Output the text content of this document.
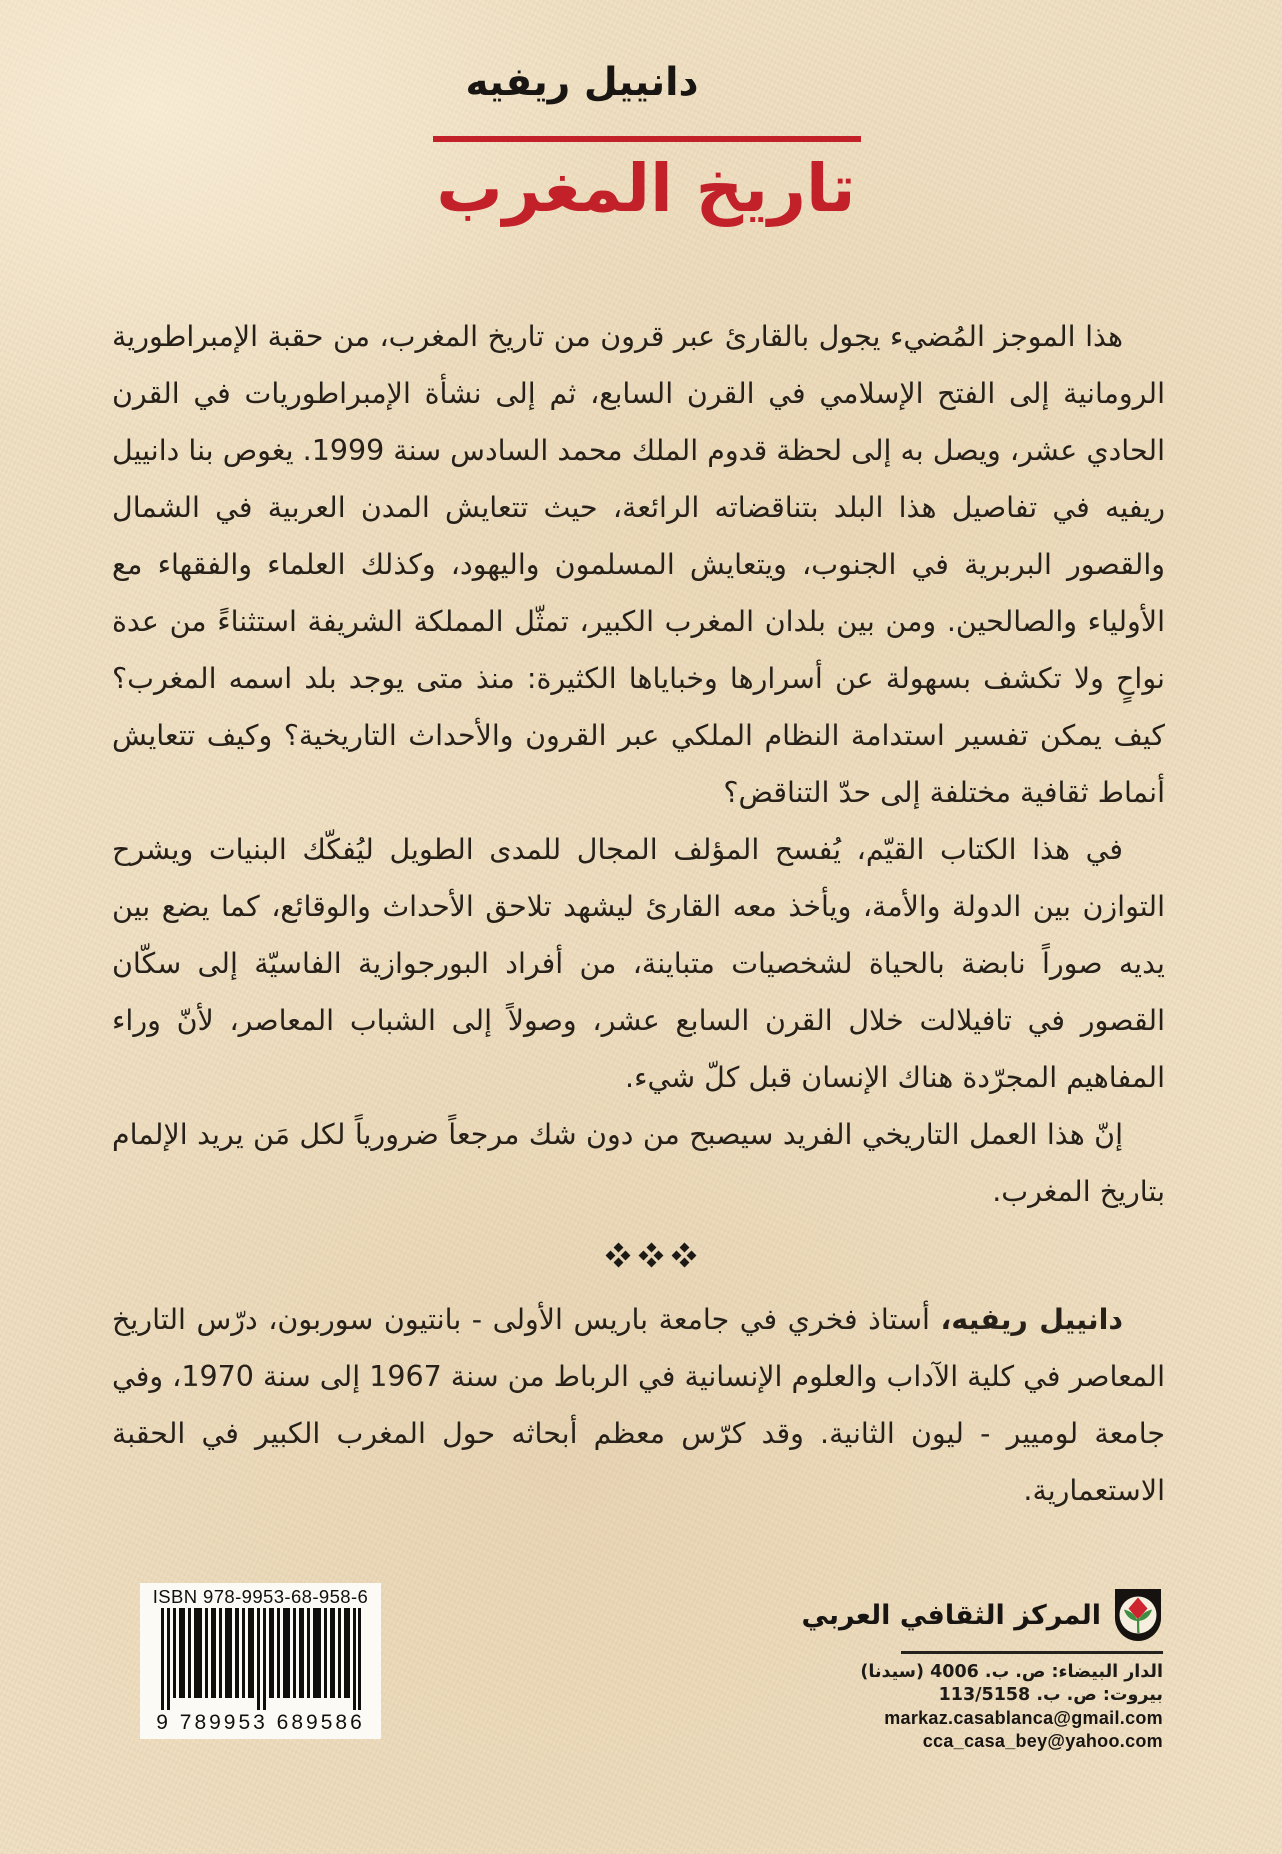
دانييل ريفيه
تاريخ المغرب

هذا الموجز المُضيء يجول بالقارئ عبر قرون من تاريخ المغرب، من حقبة الإمبراطورية الرومانية إلى الفتح الإسلامي في القرن السابع، ثم إلى نشأة الإمبراطوريات في القرن الحادي عشر، ويصل به إلى لحظة قدوم الملك محمد السادس سنة 1999. يغوص بنا دانييل ريفيه في تفاصيل هذا البلد بتناقضاته الرائعة، حيث تتعايش المدن العربية في الشمال والقصور البربرية في الجنوب، ويتعايش المسلمون واليهود، وكذلك العلماء والفقهاء مع الأولياء والصالحين. ومن بين بلدان المغرب الكبير، تمثّل المملكة الشريفة استثناءً من عدة نواحٍ ولا تكشف بسهولة عن أسرارها وخباياها الكثيرة: منذ متى يوجد بلد اسمه المغرب؟ كيف يمكن تفسير استدامة النظام الملكي عبر القرون والأحداث التاريخية؟ وكيف تتعايش أنماط ثقافية مختلفة إلى حدّ التناقض؟

في هذا الكتاب القيّم، يُفسح المؤلف المجال للمدى الطويل ليُفكّك البنيات ويشرح التوازن بين الدولة والأمة، ويأخذ معه القارئ ليشهد تلاحق الأحداث والوقائع، كما يضع بين يديه صوراً نابضة بالحياة لشخصيات متباينة، من أفراد البورجوازية الفاسيّة إلى سكّان القصور في تافيلالت خلال القرن السابع عشر، وصولاً إلى الشباب المعاصر، لأنّ وراء المفاهيم المجرّدة هناك الإنسان قبل كلّ شيء.

إنّ هذا العمل التاريخي الفريد سيصبح من دون شك مرجعاً ضرورياً لكل مَن يريد الإلمام بتاريخ المغرب.

دانييل ريفيه، أستاذ فخري في جامعة باريس الأولى - بانتيون سوربون، درّس التاريخ المعاصر في كلية الآداب والعلوم الإنسانية في الرباط من سنة 1967 إلى سنة 1970، وفي جامعة لوميير - ليون الثانية. وقد كرّس معظم أبحاثه حول المغرب الكبير في الحقبة الاستعمارية.

ISBN 978-9953-68-958-6
9 789953 689586
المركز الثقافي العربي
الدار البيضاء: ص. ب. 4006 (سيدنا)
بيروت: ص. ب. 113/5158
markaz.casablanca@gmail.com
cca_casa_bey@yahoo.com
